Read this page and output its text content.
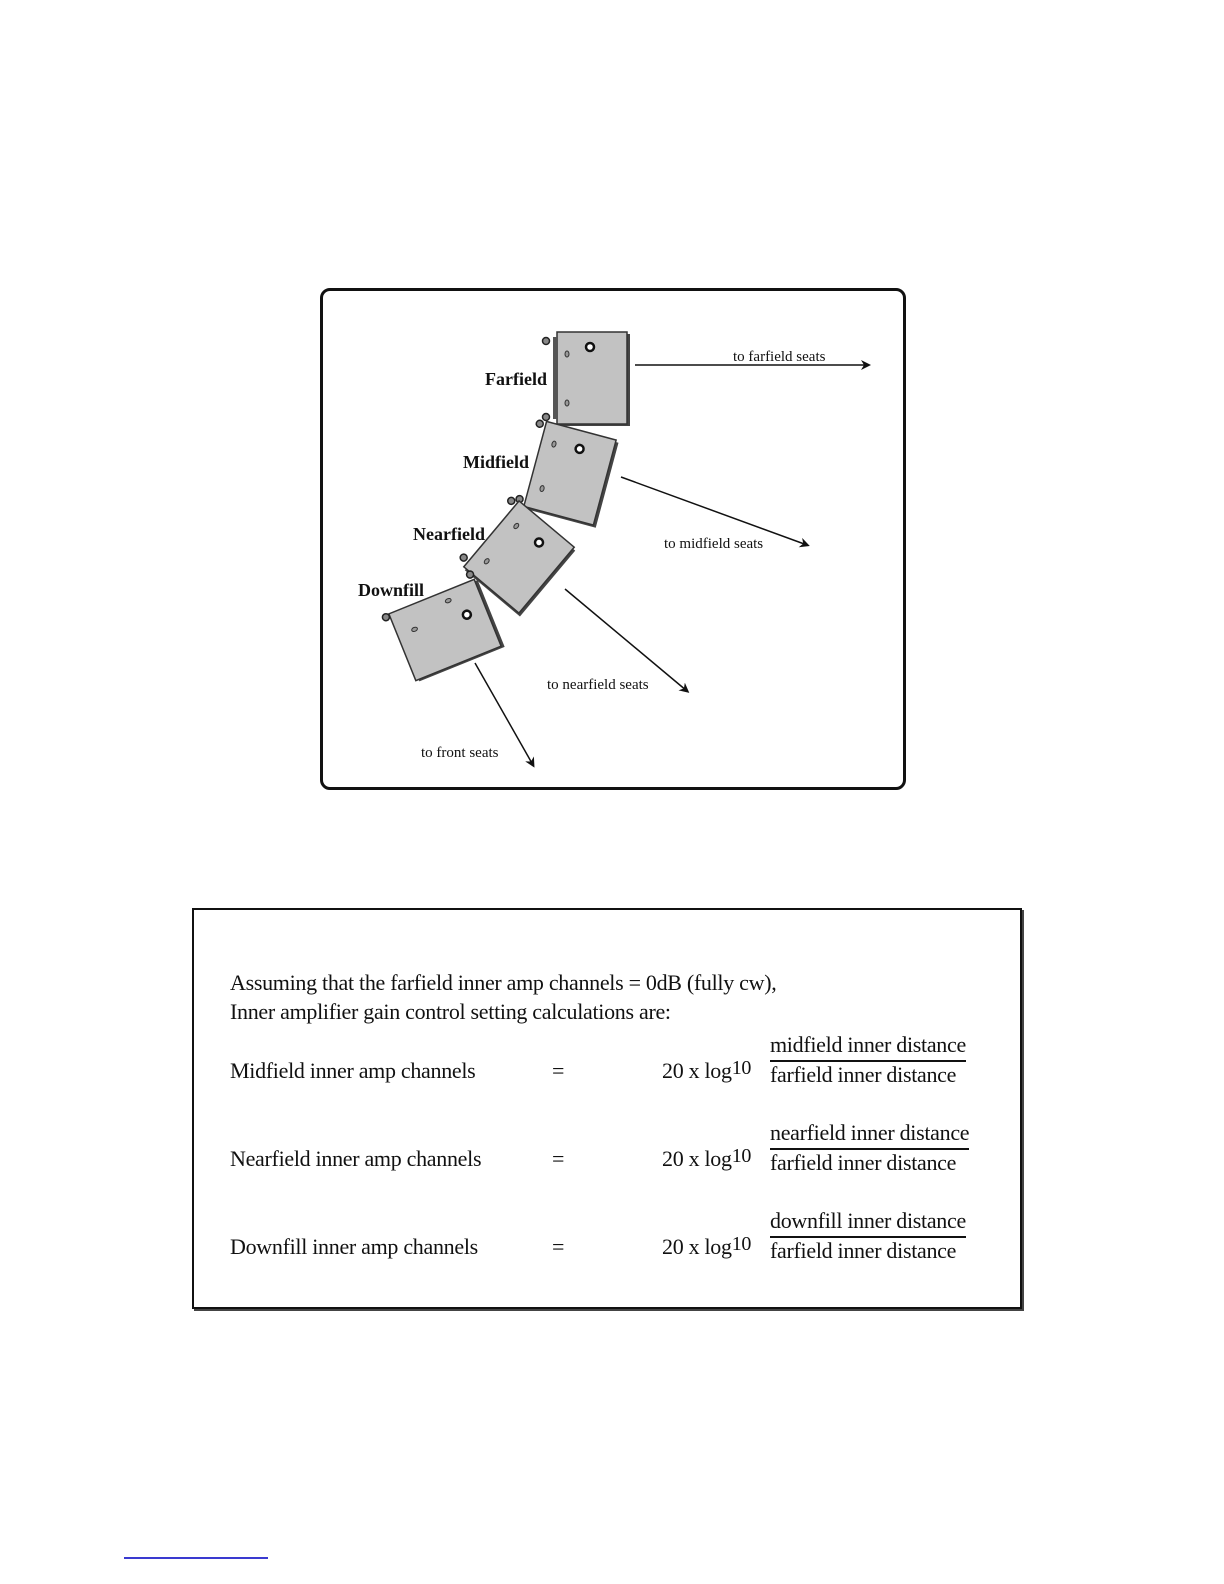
Farfield
Midfield
Nearfield
Downfill
to farfield seats
to midfield seats
to nearfield seats
to front seats
Assuming that the farfield inner amp channels = 0dB (fully cw),
Inner amplifier gain control setting calculations are:
Midfield inner amp channels	=	20 x $\log^{10}$
midfield inner distance
farfield inner distance
Nearfield inner amp channels	=	20 x $\log^{10}$
nearfield inner distance
farfield inner distance
Downfill inner amp channels	=	20 x $\log^{10}$
downfill inner distance
farfield inner distance
